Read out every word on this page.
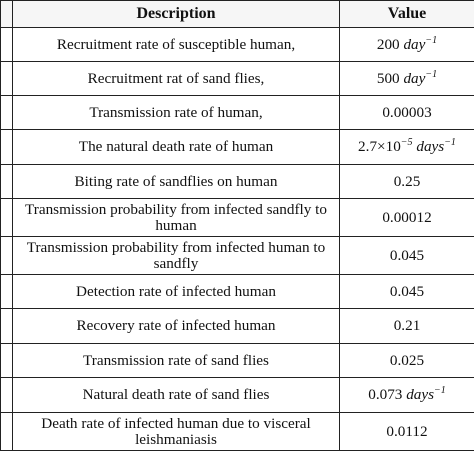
	Description	Value
	Recruitment rate of susceptible human,	200 day$^{-1}$
	Recruitment rat of sand flies,	500 day$^{-1}$
	Transmission rate of human,	0.00003
	The natural death rate of human	$2.7\times 10^{-5}$ days$^{-1}$
	Biting rate of sandflies on human	0.25
	Transmission probability from infected sandfly to human	0.00012
	Transmission probability from infected human to sandfly	0.045
	Detection rate of infected human	0.045
	Recovery rate of infected human	0.21
	Transmission rate of sand flies	0.025
	Natural death rate of sand flies	0.073 days$^{-1}$
	Death rate of infected human due to visceral leishmaniasis	0.0112
